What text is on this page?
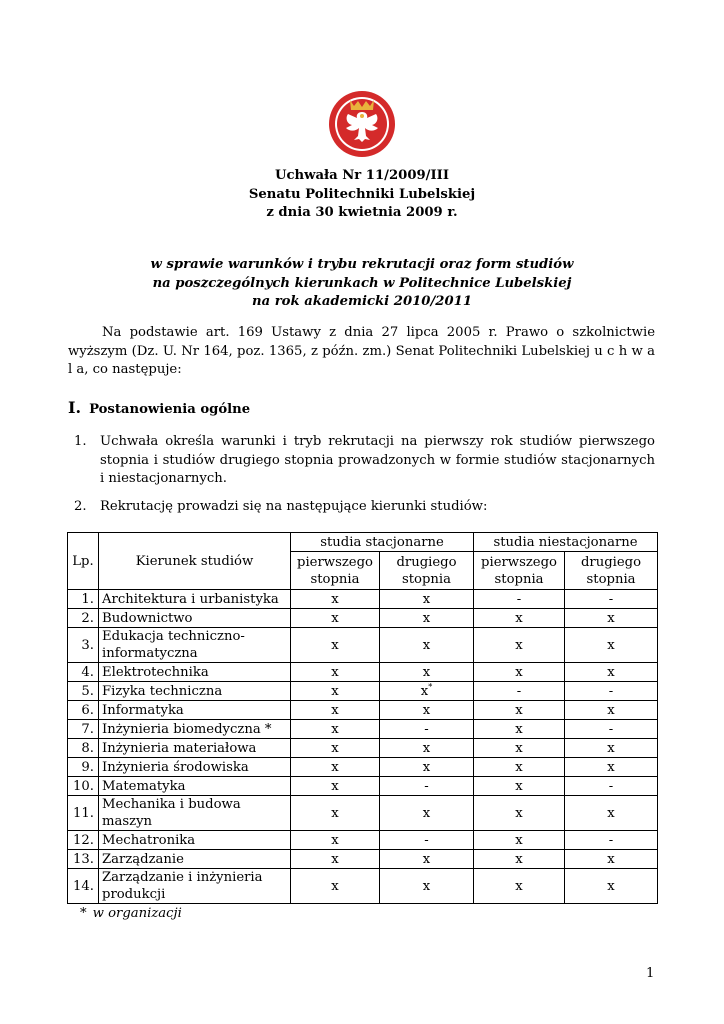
Uchwała Nr 11/2009/III
Senatu Politechniki Lubelskiej
z dnia 30 kwietnia 2009 r.
w sprawie warunków i trybu rekrutacji oraz form studiów
na poszczególnych kierunkach w Politechnice Lubelskiej
na rok akademicki 2010/2011
Na podstawie art. 169 Ustawy z dnia 27 lipca 2005 r. Prawo o szkolnictwie wyższym (Dz. U. Nr 164, poz. 1365, z późn. zm.) Senat Politechniki Lubelskiej u c h w a l a, co następuje:
I. Postanowienia ogólne
1. Uchwała określa warunki i tryb rekrutacji na pierwszy rok studiów pierwszego stopnia i studiów drugiego stopnia prowadzonych w formie studiów stacjonarnych i niestacjonarnych.
2. Rekrutację prowadzi się na następujące kierunki studiów:
Lp.	Kierunek studiów	studia stacjonarne		studia niestacjonarne	
		pierwszego stopnia	drugiego stopnia	pierwszego stopnia	drugiego stopnia
1.	Architektura i urbanistyka	x	x	-	-
2.	Budownictwo	x	x	x	x
3.	Edukacja techniczno-informatyczna	x	x	x	x
4.	Elektrotechnika	x	x	x	x
5.	Fizyka techniczna	x	x*	-	-
6.	Informatyka	x	x	x	x
7.	Inżynieria biomedyczna *	x	-	x	-
8.	Inżynieria materiałowa	x	x	x	x
9.	Inżynieria środowiska	x	x	x	x
10.	Matematyka	x	-	x	-
11.	Mechanika i budowa maszyn	x	x	x	x
12.	Mechatronika	x	-	x	-
13.	Zarządzanie	x	x	x	x
14.	Zarządzanie i inżynieria produkcji	x	x	x	x
* w organizacji
1
